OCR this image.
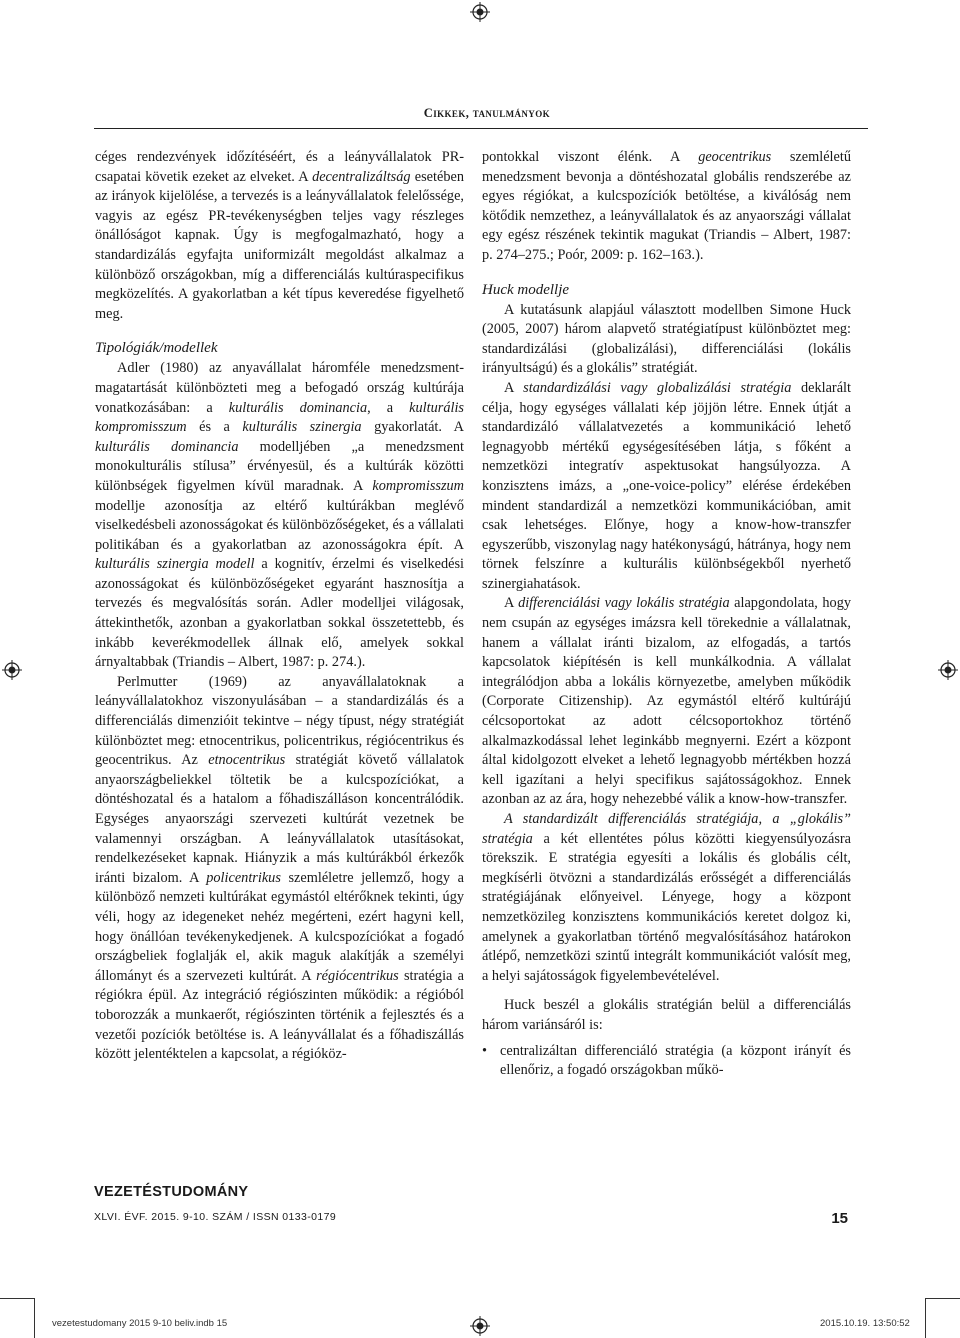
Cikkek, tanulmányok

céges rendezvények időzítéséért, és a leányvállalatok PR-csapatai követik ezeket az elveket. A decentralizáltság esetében az irányok kijelölése, a tervezés is a leányvállalatok felelőssége, vagyis az egész PR-tevékenységben teljes vagy részleges önállóságot kapnak. Úgy is megfogalmazható, hogy a standardizálás egyfajta uniformizált megoldást alkalmaz a különböző országokban, míg a differenciálás kultúraspecifikus megközelítés. A gyakorlatban a két típus keveredése figyelhető meg.

Tipológiák/modellek

Adler (1980) az anyavállalat háromféle menedzsment-magatartását különbözteti meg a befogadó ország kultúrája vonatkozásában: a kulturális dominancia, a kulturális kompromisszum és a kulturális szinergia gyakorlatát. A kulturális dominancia modelljében „a menedzsment monokulturális stílusa” érvényesül, és a kultúrák közötti különbségek figyelmen kívül maradnak. A kompromisszum modellje azonosítja az eltérő kultúrákban meglévő viselkedésbeli azonosságokat és különbözőségeket, és a vállalati politikában és a gyakorlatban az azonosságokra épít. A kulturális szinergia modell a kognitív, érzelmi és viselkedési azonosságokat és különbözőségeket egyaránt hasznosítja a tervezés és megvalósítás során. Adler modelljei világosak, áttekinthetők, azonban a gyakorlatban sokkal összetettebb, és inkább keverékmodellek állnak elő, amelyek sokkal árnyaltabbak (Triandis – Albert, 1987: p. 274.).

Perlmutter (1969) az anyavállalatoknak a leányvállalatokhoz viszonyulásában – a standardizálás és a differenciálás dimenzióit tekintve – négy típust, négy stratégiát különböztet meg: etnocentrikus, policentrikus, régiócentrikus és geocentrikus. Az etnocentrikus stratégiát követő vállalatok anyaországbeliekkel töltetik be a kulcspozíciókat, a döntéshozatal és a hatalom a főhadiszálláson koncentrálódik. Egységes anyaországi szervezeti kultúrát vezetnek be valamennyi országban. A leányvállalatok utasításokat, rendelkezéseket kapnak. Hiányzik a más kultúrákból érkezők iránti bizalom. A policentrikus szemléletre jellemző, hogy a különböző nemzeti kultúrákat egymástól eltérőknek tekinti, úgy véli, hogy az idegeneket nehéz megérteni, ezért hagyni kell, hogy önállóan tevékenykedjenek. A kulcspozíciókat a fogadó országbeliek foglalják el, akik maguk alakítják a személyi állományt és a szervezeti kultúrát. A régiócentrikus stratégia a régiókra épül. Az integráció régiószinten működik: a régióból toborozzák a munkaerőt, régiószinten történik a fejlesztés és a vezetői pozíciók betöltése is. A leányvállalat és a főhadiszállás között jelentéktelen a kapcsolat, a régióköz-

pontokkal viszont élénk. A geocentrikus szemléletű menedzsment bevonja a döntéshozatal globális rendszerébe az egyes régiókat, a kulcspozíciók betöltése, a kiválóság nem kötődik nemzethez, a leányvállalatok és az anyaországi vállalat egy egész részének tekintik magukat (Triandis – Albert, 1987: p. 274–275.; Poór, 2009: p. 162–163.).

Huck modellje

A kutatásunk alapjául választott modellben Simone Huck (2005, 2007) három alapvető stratégiatípust különböztet meg: standardizálási (globalizálási), differenciálási (lokális irányultságú) és a glokális” stratégiát.

A standardizálási vagy globalizálási stratégia deklarált célja, hogy egységes vállalati kép jöjjön létre. Ennek útját a standardizáló vállalatvezetés a kommunikáció lehető legnagyobb mértékű egységesítésében látja, s főként a nemzetközi integratív aspektusokat hangsúlyozza. A konzisztens imázs, a „one-voice-policy” elérése érdekében mindent standardizál a nemzetközi kommunikációban, amit csak lehetséges. Előnye, hogy a know-how-transzfer egyszerűbb, viszonylag nagy hatékonyságú, hátránya, hogy nem törnek felszínre a kulturális különbségekből nyerhető szinergiahatások.

A differenciálási vagy lokális stratégia alapgondolata, hogy nem csupán az egységes imázsra kell törekednie a vállalatnak, hanem a vállalat iránti bizalom, az elfogadás, a tartós kapcsolatok kiépítésén is kell munkálkodnia. A vállalat integrálódjon abba a lokális környezetbe, amelyben működik (Corporate Citizenship). Az egymástól eltérő kultúrájú célcsoportokat az adott célcsoportokhoz történő alkalmazkodással lehet leginkább megnyerni. Ezért a központ által kidolgozott elveket a lehető legnagyobb mértékben hozzá kell igazítani a helyi specifikus sajátosságokhoz. Ennek azonban az az ára, hogy nehezebbé válik a know-how-transzfer.

A standardizált differenciálás stratégiája, a „glokális” stratégia a két ellentétes pólus közötti kiegyensúlyozásra törekszik. E stratégia egyesíti a lokális és globális célt, megkísérli ötvözni a standardizálás erősségét a differenciálás stratégiájának előnyeivel. Lényege, hogy a központ nemzetközileg konzisztens kommunikációs keretet dolgoz ki, amelynek a gyakorlatban történő megvalósításához határokon átlépő, nemzetközi szintű integrált kommunikációt valósít meg, a helyi sajátosságok figyelembevételével.

Huck beszél a glokális stratégián belül a differenciálás három variánsáról is:

• centralizáltan differenciáló stratégia (a központ irányít és ellenőriz, a fogadó országokban műkö-
VEZETÉSTUDOMÁNY
XLVI. ÉVF. 2015. 9-10. SZÁM / ISSN 0133-0179	15
vezetestudomany 2015 9-10 beliv.indb 15	2015.10.19. 13:50:52
